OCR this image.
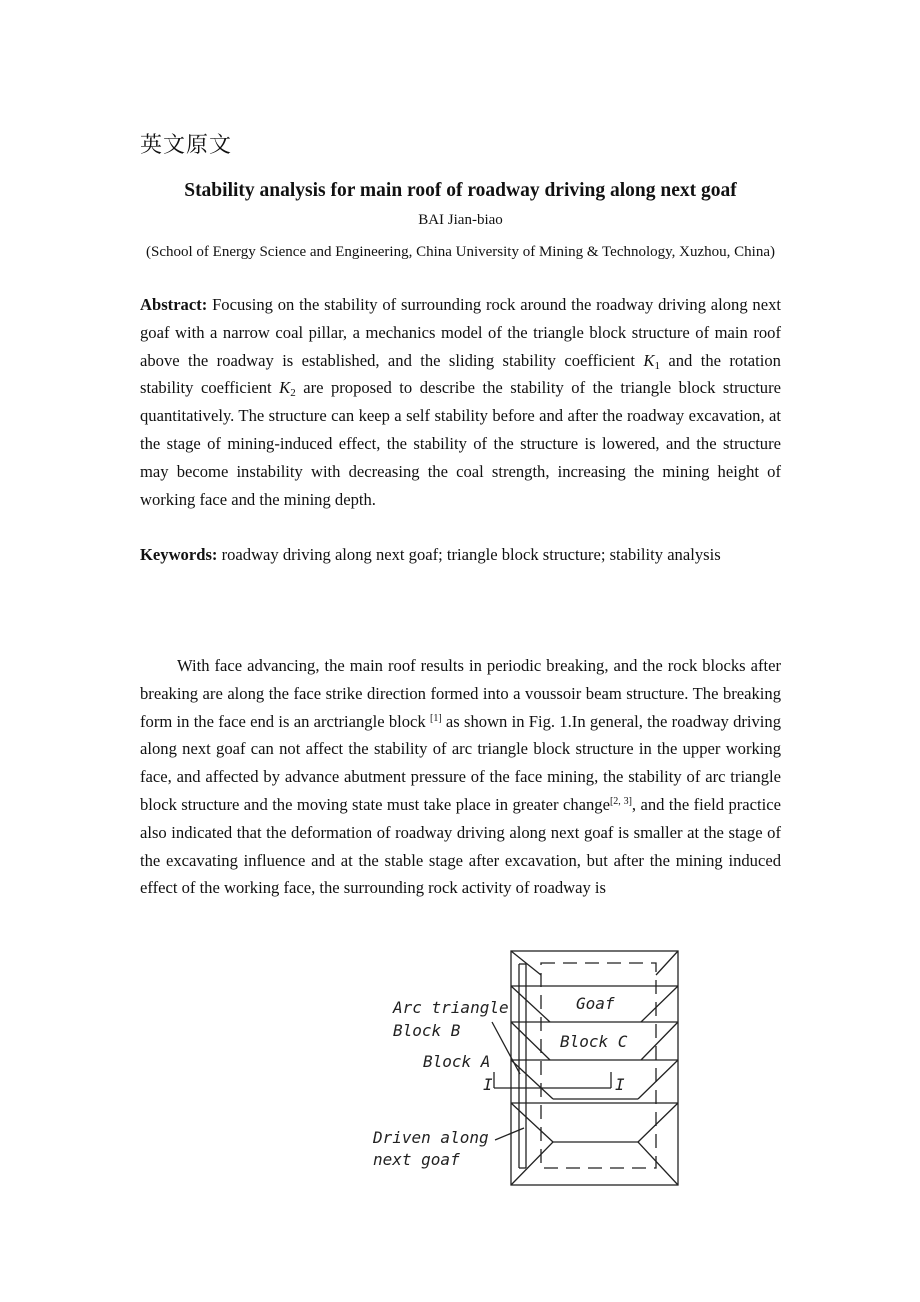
英文原文
Stability analysis for main roof of roadway driving along next goaf
BAI Jian-biao
(School of Energy Science and Engineering, China University of Mining & Technology, Xuzhou, China)
Abstract: Focusing on the stability of surrounding rock around the roadway driving along next goaf with a narrow coal pillar, a mechanics model of the triangle block structure of main roof above the roadway is established, and the sliding stability coefficient $K_1$ and the rotation stability coefficient $K_2$ are proposed to describe the stability of the triangle block structure quantitatively. The structure can keep a self stability before and after the roadway excavation, at the stage of mining-induced effect, the stability of the structure is lowered, and the structure may become instability with decreasing the coal strength, increasing the mining height of working face and the mining depth.
Keywords: roadway driving along next goaf; triangle block structure; stability analysis
With face advancing, the main roof results in periodic breaking, and the rock blocks after breaking are along the face strike direction formed into a voussoir beam structure. The breaking form in the face end is an arctriangle block [1] as shown in Fig. 1.In general, the roadway driving along next goaf can not affect the stability of arc triangle block structure in the upper working face, and affected by advance abutment pressure of the face mining, the stability of arc triangle block structure and the moving state must take place in greater change[2, 3], and the field practice also indicated that the deformation of roadway driving along next goaf is smaller at the stage of the excavating influence and at the stable stage after excavation, but after the mining induced effect of the working face, the surrounding rock activity of roadway is
Arc triangle
Block B
Goaf
Block C
Block A
I	I
Driven along
next goaf
